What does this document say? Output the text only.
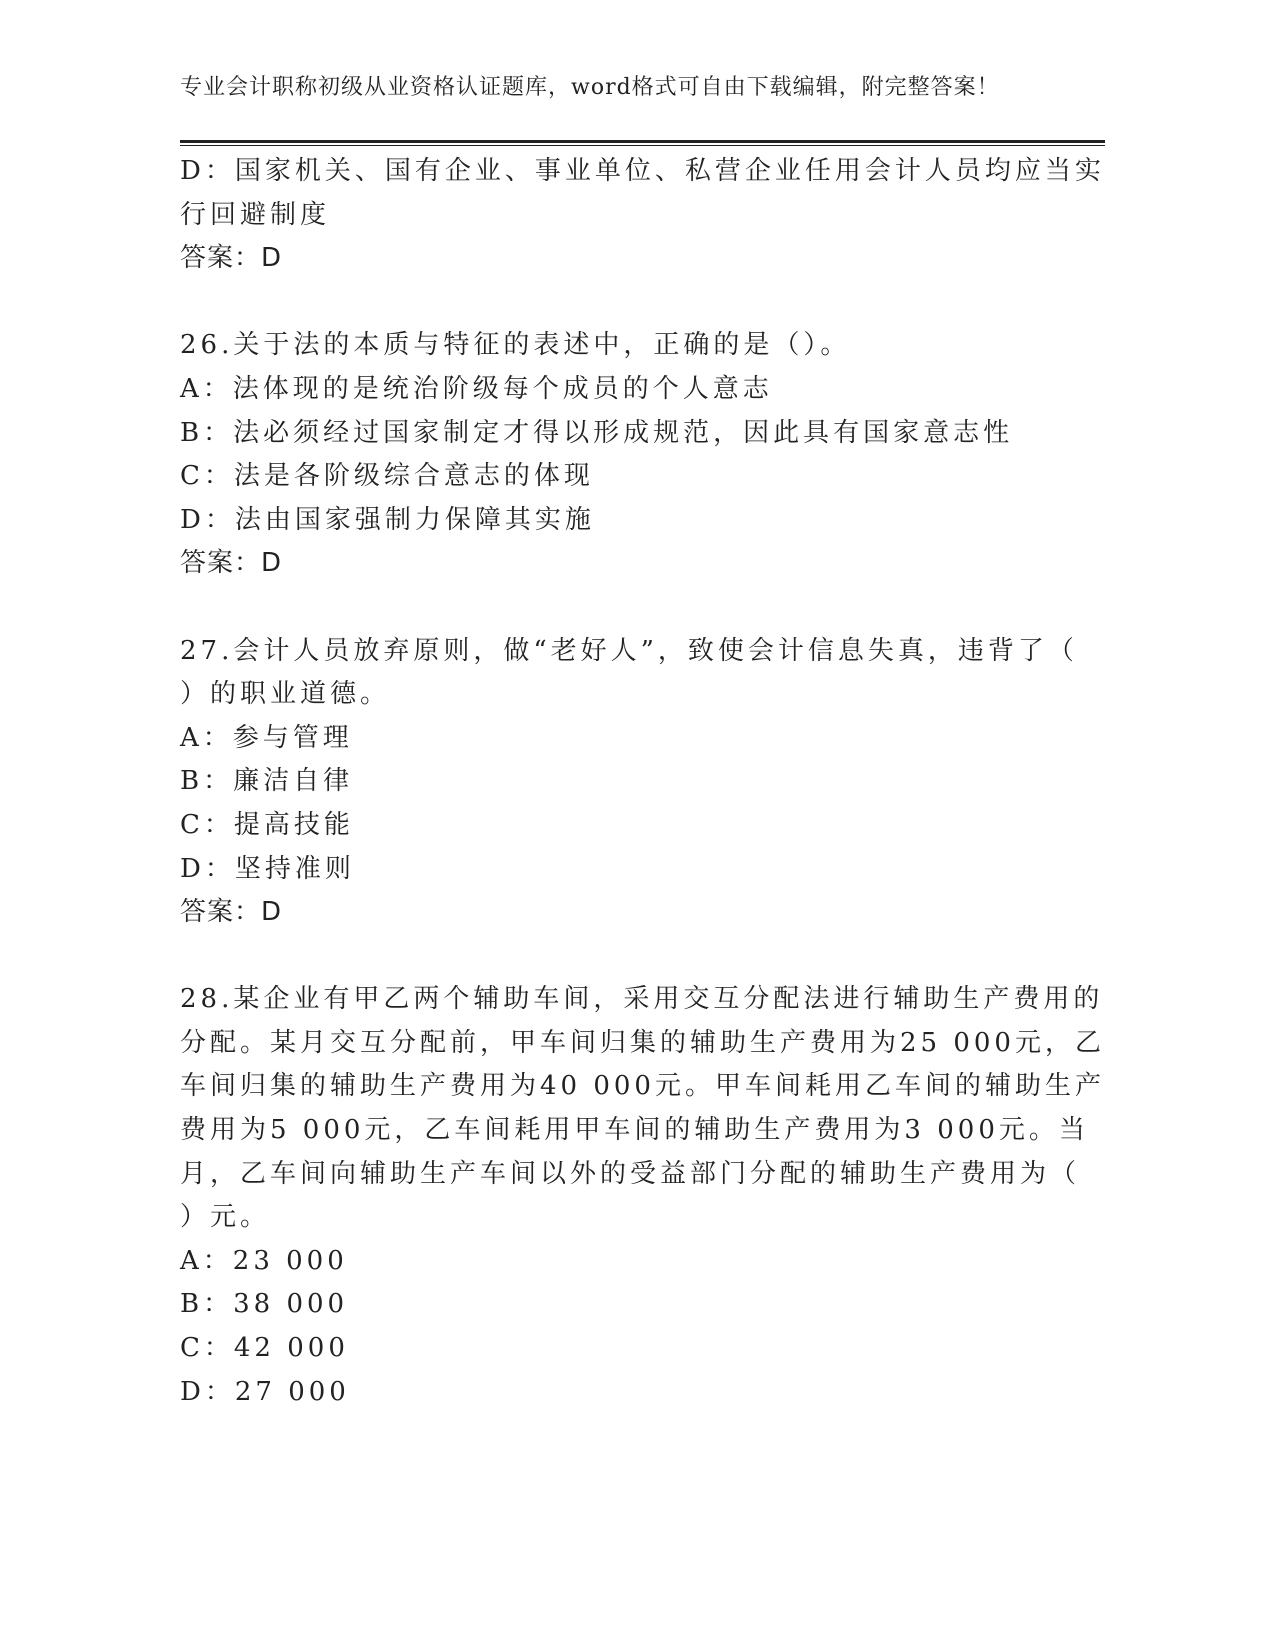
专业会计职称初级从业资格认证题库，word格式可自由下载编辑，附完整答案！
D：国家机关、国有企业、事业单位、私营企业任用会计人员均应当实
行回避制度
答案：D
26.关于法的本质与特征的表述中，正确的是（）。
A：法体现的是统治阶级每个成员的个人意志
B：法必须经过国家制定才得以形成规范，因此具有国家意志性
C：法是各阶级综合意志的体现
D：法由国家强制力保障其实施
答案：D
27.会计人员放弃原则，做“老好人”，致使会计信息失真，违背了（
）的职业道德。
A：参与管理
B：廉洁自律
C：提高技能
D：坚持准则
答案：D
28.某企业有甲乙两个辅助车间，采用交互分配法进行辅助生产费用的
分配。某月交互分配前，甲车间归集的辅助生产费用为25 000元，乙
车间归集的辅助生产费用为40 000元。甲车间耗用乙车间的辅助生产
费用为5 000元，乙车间耗用甲车间的辅助生产费用为3 000元。当
月，乙车间向辅助生产车间以外的受益部门分配的辅助生产费用为（
）元。
A：23 000
B：38 000
C：42 000
D：27 000
